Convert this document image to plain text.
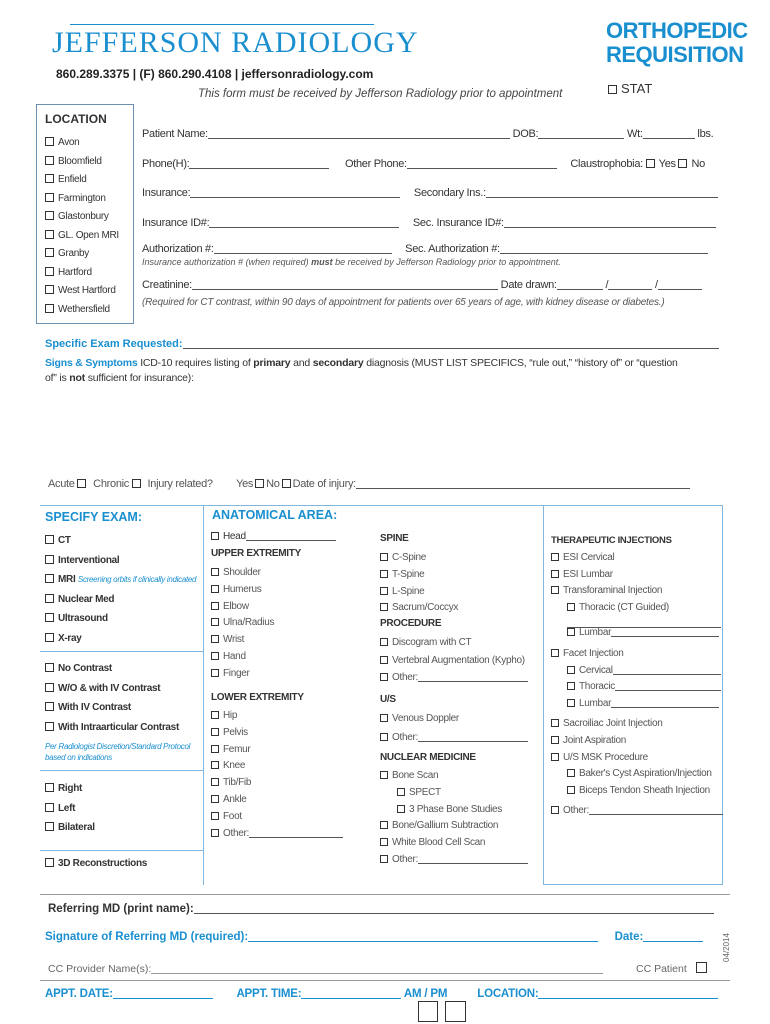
JEFFERSON RADIOLOGY
860.289.3375 | (F) 860.290.4108 | jeffersonradiology.com
This form must be received by Jefferson Radiology prior to appointment
ORTHOPEDIC
REQUISITION
STAT
LOCATION
Avon
Bloomfield
Enfield
Farmington
Glastonbury
GL. Open MRI
Granby
Hartford
West Hartford
Wethersfield
Patient Name:	DOB:	Wt:	lbs.
Phone(H):	Other Phone:	Claustrophobia: Yes No
Insurance:	Secondary Ins.:
Insurance ID#:	Sec. Insurance ID#:
Authorization #:	Sec. Authorization #:
Insurance authorization # (when required) must be received by Jefferson Radiology prior to appointment.
Creatinine:	Date drawn:	/	/
(Required for CT contrast, within 90 days of appointment for patients over 65 years of age, with kidney disease or diabetes.)
Specific Exam Requested:
Signs & Symptoms ICD-10 requires listing of primary and secondary diagnosis (MUST LIST SPECIFICS, “rule out,” “history of” or “question
of” is not sufficient for insurance):
Acute Chronic Injury related? Yes No Date of injury:
SPECIFY EXAM:
CT
Interventional
MRI Screening orbits if clinically indicated
Nuclear Med
Ultrasound
X-ray
No Contrast
W/O & with IV Contrast
With IV Contrast
With Intraarticular Contrast
Per Radiologist Discretion/Standard Protocol
based on indications
Right
Left
Bilateral
3D Reconstructions
ANATOMICAL AREA:
Head
UPPER EXTREMITY
Shoulder
Humerus
Elbow
Ulna/Radius
Wrist
Hand
Finger
LOWER EXTREMITY
Hip
Pelvis
Femur
Knee
Tib/Fib
Ankle
Foot
Other:
SPINE
C-Spine
T-Spine
L-Spine
Sacrum/Coccyx
PROCEDURE
Discogram with CT
Vertebral Augmentation (Kypho)
Other:
U/S
Venous Doppler
Other:
NUCLEAR MEDICINE
Bone Scan
SPECT
3 Phase Bone Studies
Bone/Gallium Subtraction
White Blood Cell Scan
Other:
THERAPEUTIC INJECTIONS
ESI Cervical
ESI Lumbar
Transforaminal Injection
Thoracic (CT Guided)
Lumbar
Facet Injection
Cervical
Thoracic
Lumbar
Sacroiliac Joint Injection
Joint Aspiration
U/S MSK Procedure
Baker's Cyst Aspiration/Injection
Biceps Tendon Sheath Injection
Other:
Referring MD (print name):
Signature of Referring MD (required):	Date:
CC Provider Name(s):	CC Patient
04/2014
APPT. DATE:	APPT. TIME:	AM / PM	LOCATION:
